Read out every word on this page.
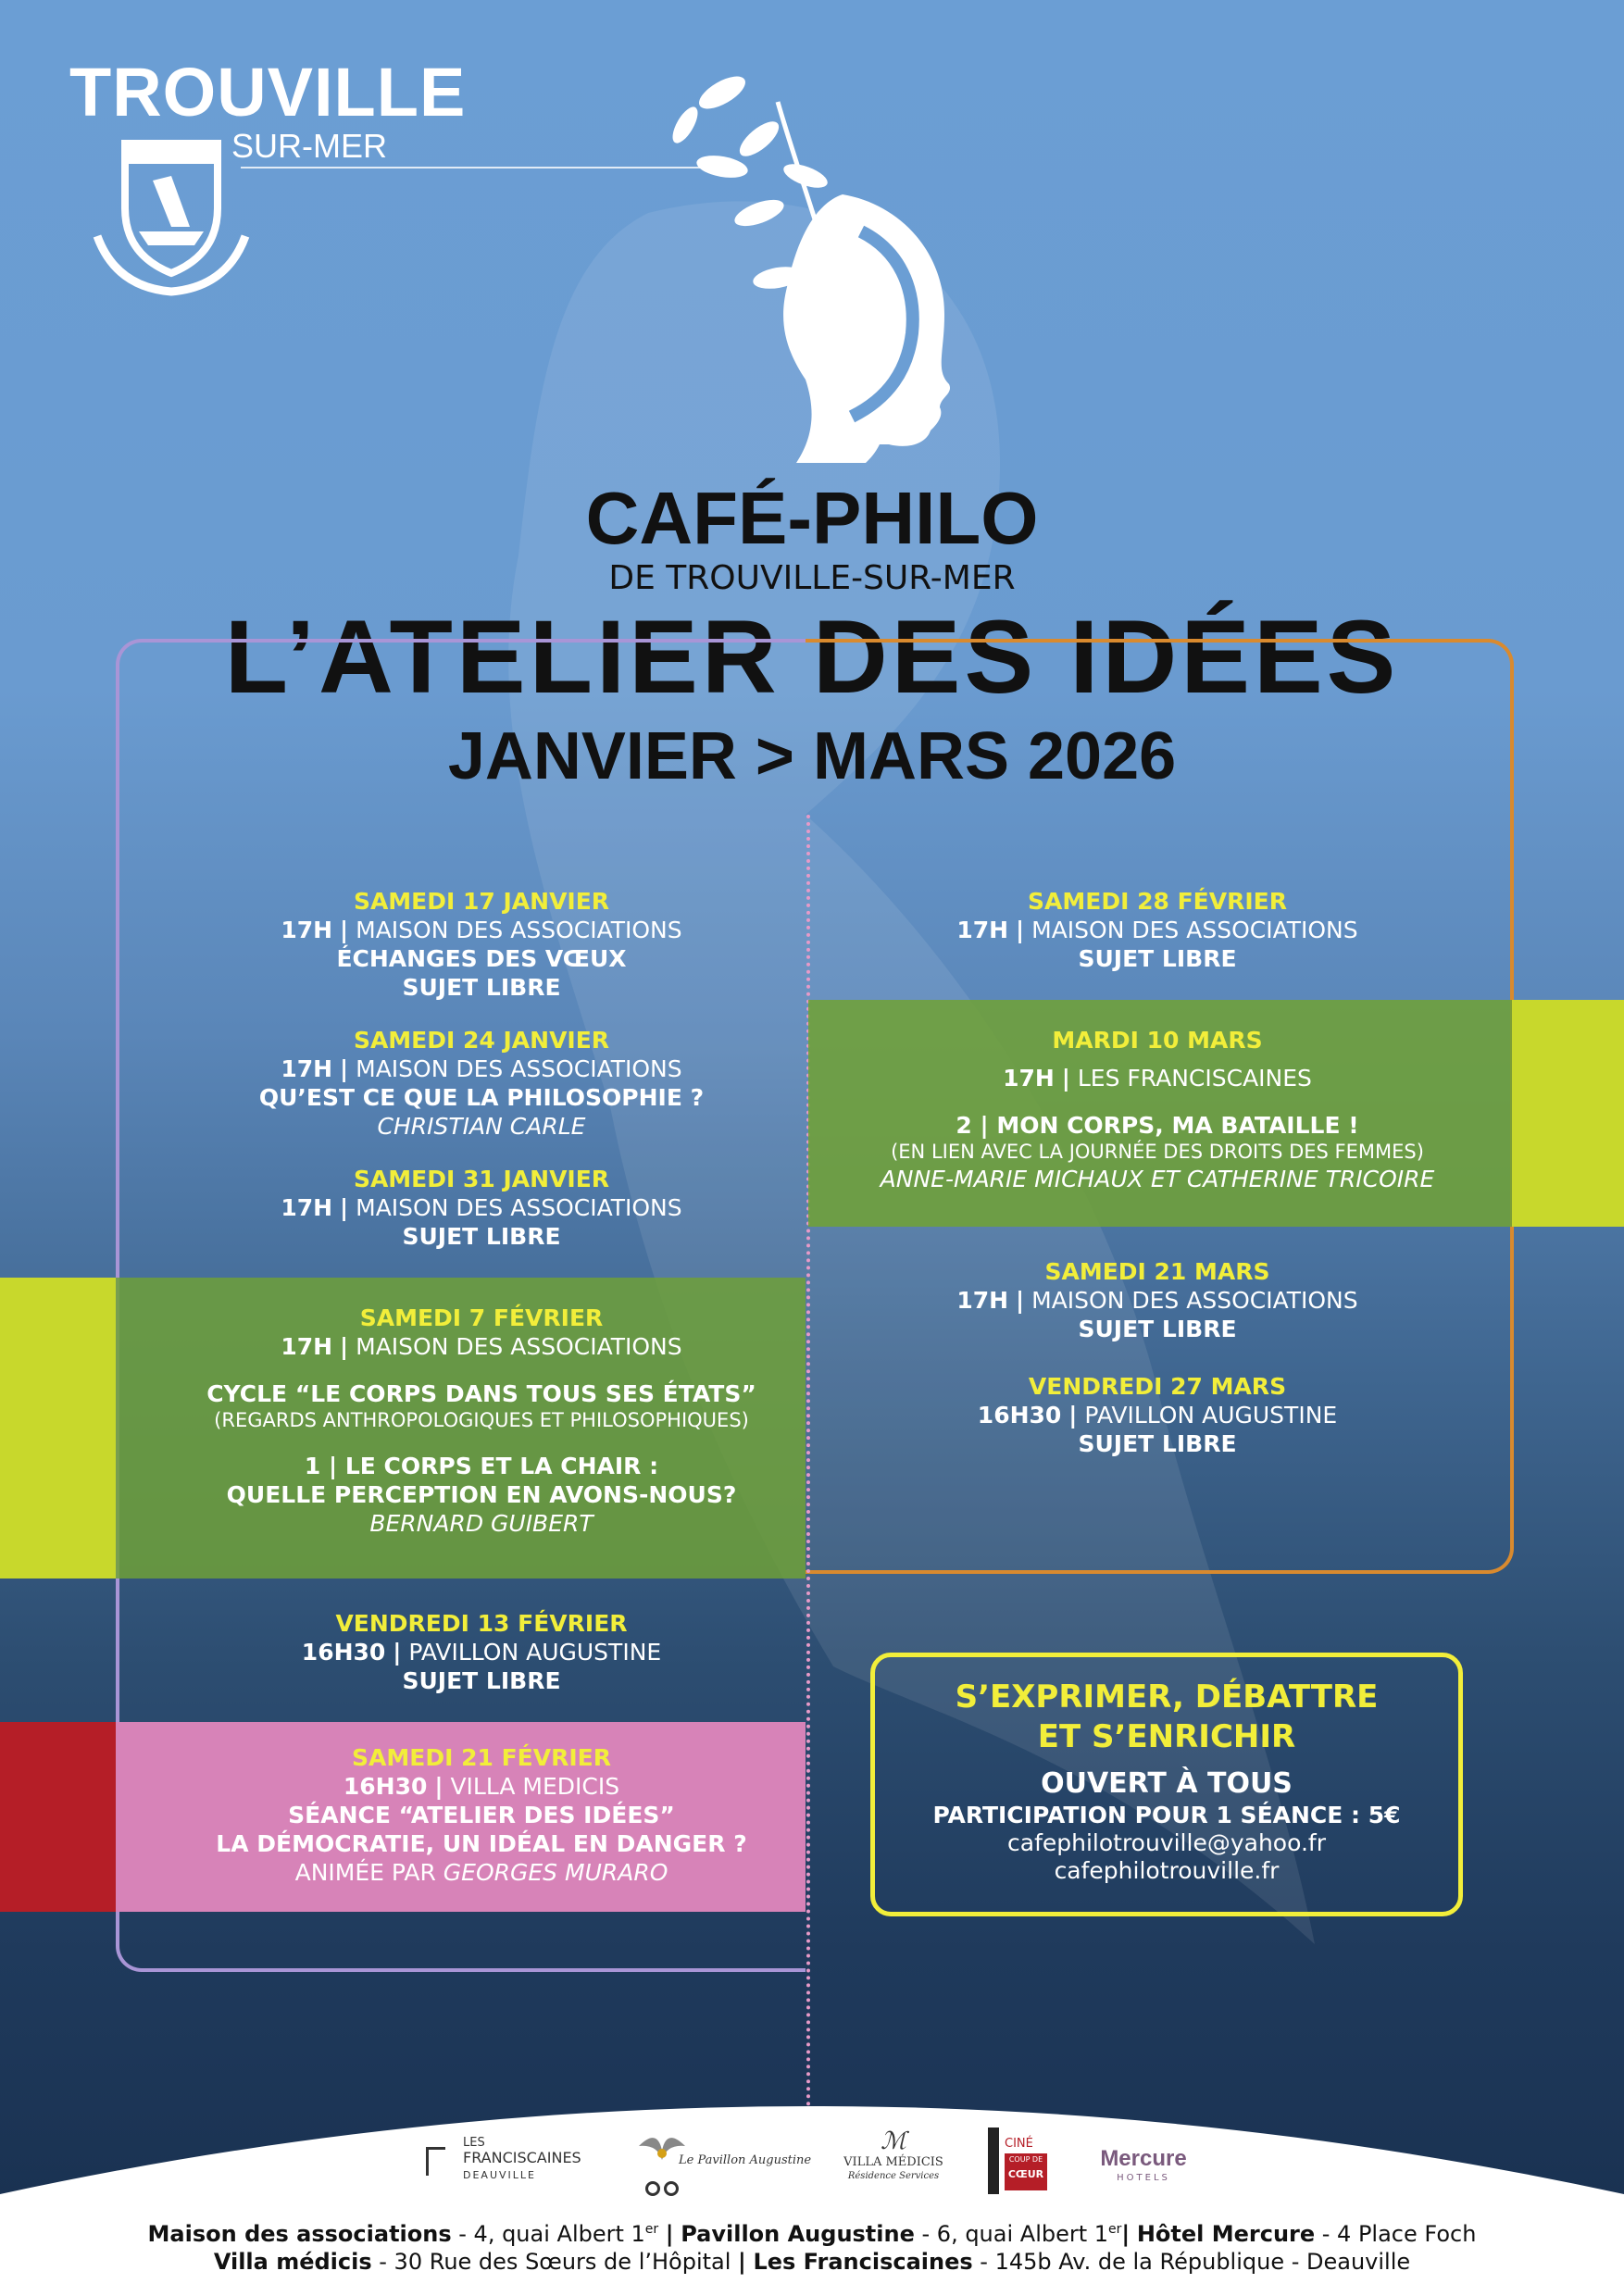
TROUVILLE
SUR-MER
CAFÉ-PHILO
DE TROUVILLE-SUR-MER
L’ATELIER DES IDÉES
JANVIER > MARS 2026
SAMEDI 17 JANVIER
17H | MAISON DES ASSOCIATIONS
ÉCHANGES DES VŒUX
SUJET LIBRE
SAMEDI 24 JANVIER
17H | MAISON DES ASSOCIATIONS
QU’EST CE QUE LA PHILOSOPHIE ?
CHRISTIAN CARLE
SAMEDI 31 JANVIER
17H | MAISON DES ASSOCIATIONS
SUJET LIBRE
SAMEDI 7 FÉVRIER
17H | MAISON DES ASSOCIATIONS
CYCLE “LE CORPS DANS TOUS SES ÉTATS”
(REGARDS ANTHROPOLOGIQUES ET PHILOSOPHIQUES)
1 | LE CORPS ET LA CHAIR :
QUELLE PERCEPTION EN AVONS-NOUS?
BERNARD GUIBERT
VENDREDI 13 FÉVRIER
16H30 | PAVILLON AUGUSTINE
SUJET LIBRE
SAMEDI 21 FÉVRIER
16H30 | VILLA MEDICIS
SÉANCE “ATELIER DES IDÉES”
LA DÉMOCRATIE, UN IDÉAL EN DANGER ?
ANIMÉE PAR GEORGES MURARO
SAMEDI 28 FÉVRIER
17H | MAISON DES ASSOCIATIONS
SUJET LIBRE
MARDI 10 MARS
17H | LES FRANCISCAINES
2 | MON CORPS, MA BATAILLE !
(EN LIEN AVEC LA JOURNÉE DES DROITS DES FEMMES)
ANNE-MARIE MICHAUX ET CATHERINE TRICOIRE
SAMEDI 21 MARS
17H | MAISON DES ASSOCIATIONS
SUJET LIBRE
VENDREDI 27 MARS
16H30 | PAVILLON AUGUSTINE
SUJET LIBRE
S’EXPRIMER, DÉBATTRE
ET S’ENRICHIR
OUVERT À TOUS
PARTICIPATION POUR 1 SÉANCE : 5€
cafephilotrouville@yahoo.fr
cafephilotrouville.fr
LES
FRANCISCAINES
DEAUVILLE
Le Pavillon Augustine
ℳ
VILLA MÉDICIS
Résidence Services
CINÉ
COUP DE
CŒUR
Mercure
HOTELS
Maison des associations - 4, quai Albert 1er | Pavillon Augustine - 6, quai Albert 1er| Hôtel Mercure - 4 Place Foch
Villa médicis - 30 Rue des Sœurs de l’Hôpital | Les Franciscaines - 145b Av. de la République - Deauville
